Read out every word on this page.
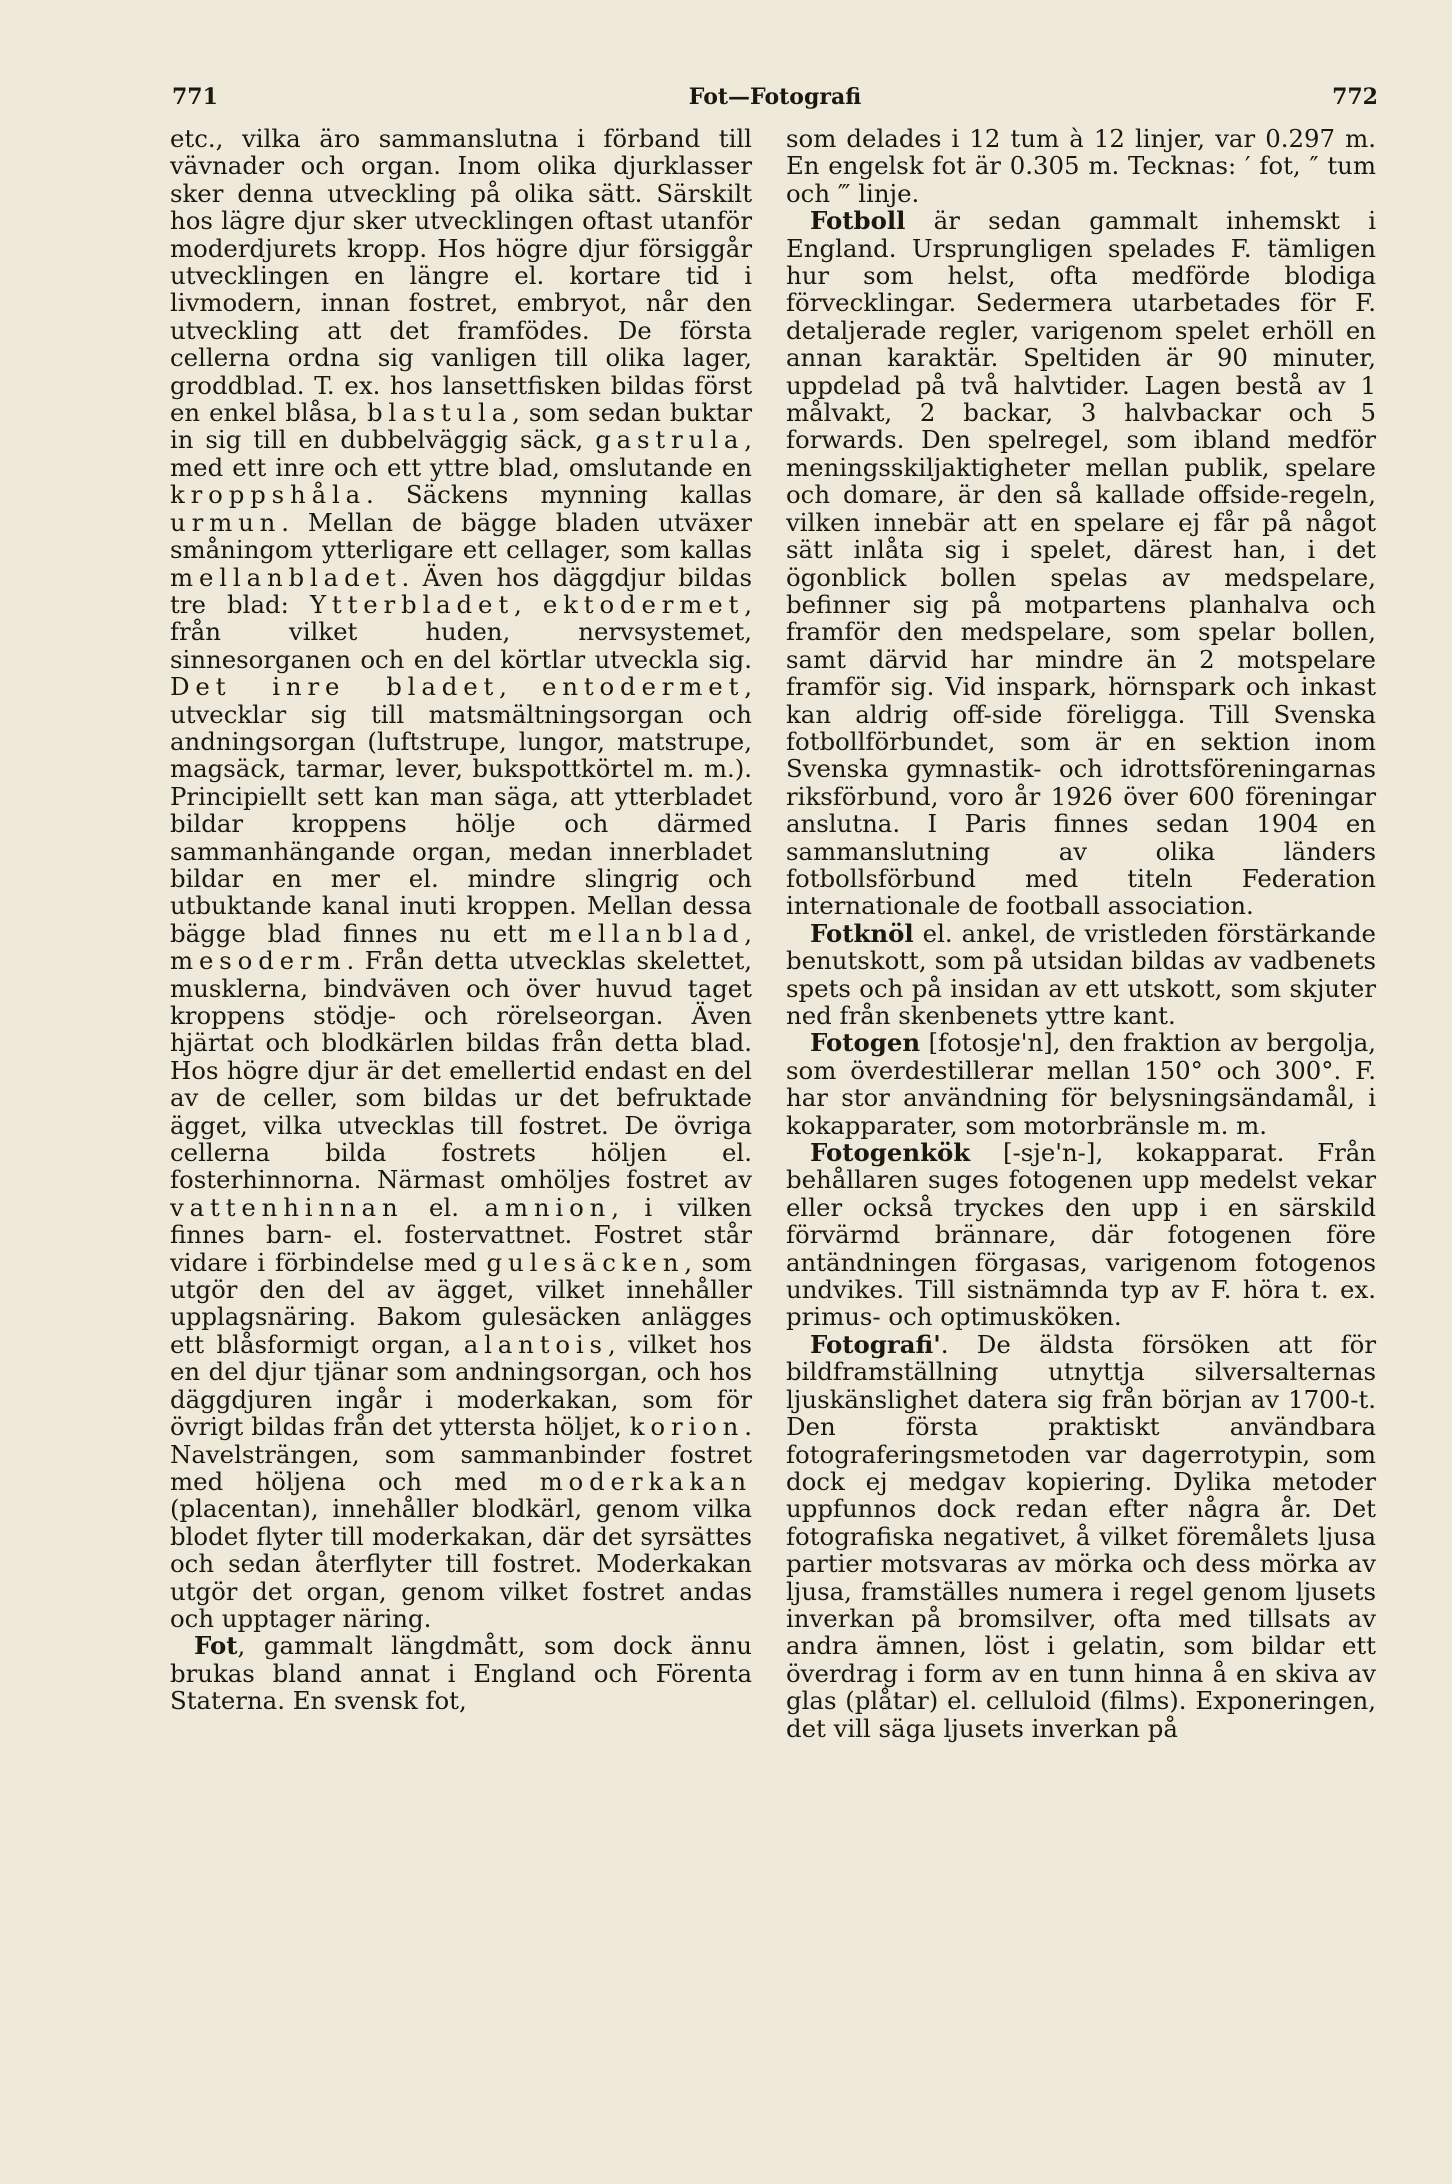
771	Fot—Fotografi	772

etc., vilka äro sammanslutna i förband till vävnader och organ. Inom olika djurklasser sker denna utveckling på olika sätt. Särskilt hos lägre djur sker utvecklingen oftast utanför moderdjurets kropp. Hos högre djur försiggår utvecklingen en längre el. kortare tid i livmodern, innan fostret, embryot, når den utveckling att det framfödes. De första cellerna ordna sig vanligen till olika lager, groddblad. T. ex. hos lansettfisken bildas först en enkel blåsa, blastula, som sedan buktar in sig till en dubbelväggig säck, gastrula, med ett inre och ett yttre blad, omslutande en kroppshåla. Säckens mynning kallas urmun. Mellan de bägge bladen utväxer småningom ytterligare ett cellager, som kallas mellanbladet. Även hos däggdjur bildas tre blad: Ytterbladet, ektodermet, från vilket huden, nervsystemet, sinnesorganen och en del körtlar utveckla sig. Det inre bladet, entodermet, utvecklar sig till matsmältningsorgan och andningsorgan (luftstrupe, lungor, matstrupe, magsäck, tarmar, lever, bukspottkörtel m. m.). Principiellt sett kan man säga, att ytterbladet bildar kroppens hölje och därmed sammanhängande organ, medan innerbladet bildar en mer el. mindre slingrig och utbuktande kanal inuti kroppen. Mellan dessa bägge blad finnes nu ett mellanblad, mesoderm. Från detta utvecklas skelettet, musklerna, bindväven och över huvud taget kroppens stödje- och rörelseorgan. Även hjärtat och blodkärlen bildas från detta blad. Hos högre djur är det emellertid endast en del av de celler, som bildas ur det befruktade ägget, vilka utvecklas till fostret. De övriga cellerna bilda fostrets höljen el. fosterhinnorna. Närmast omhöljes fostret av vattenhinnan el. amnion, i vilken finnes barn- el. fostervattnet. Fostret står vidare i förbindelse med gulesäcken, som utgör den del av ägget, vilket innehåller upplagsnäring. Bakom gulesäcken anlägges ett blåsformigt organ, alantois, vilket hos en del djur tjänar som andningsorgan, och hos däggdjuren ingår i moderkakan, som för övrigt bildas från det yttersta höljet, korion. Navelsträngen, som sammanbinder fostret med höljena och med moderkakan (placentan), innehåller blodkärl, genom vilka blodet flyter till moderkakan, där det syrsättes och sedan återflyter till fostret. Moderkakan utgör det organ, genom vilket fostret andas och upptager näring.

Fot, gammalt längdmått, som dock ännu brukas bland annat i England och Förenta Staterna. En svensk fot,

som delades i 12 tum à 12 linjer, var 0.297 m. En engelsk fot är 0.305 m. Tecknas: ′ fot, ″ tum och ‴ linje.

Fotboll är sedan gammalt inhemskt i England. Ursprungligen spelades F. tämligen hur som helst, ofta medförde blodiga förvecklingar. Sedermera utarbetades för F. detaljerade regler, varigenom spelet erhöll en annan karaktär. Speltiden är 90 minuter, uppdelad på två halvtider. Lagen bestå av 1 målvakt, 2 backar, 3 halvbackar och 5 forwards. Den spelregel, som ibland medför meningsskiljaktigheter mellan publik, spelare och domare, är den så kallade offside-regeln, vilken innebär att en spelare ej får på något sätt inlåta sig i spelet, därest han, i det ögonblick bollen spelas av medspelare, befinner sig på motpartens planhalva och framför den medspelare, som spelar bollen, samt därvid har mindre än 2 motspelare framför sig. Vid inspark, hörnspark och inkast kan aldrig off-side föreligga. Till Svenska fotbollförbundet, som är en sektion inom Svenska gymnastik- och idrottsföreningarnas riksförbund, voro år 1926 över 600 föreningar anslutna. I Paris finnes sedan 1904 en sammanslutning av olika länders fotbollsförbund med titeln Federation internationale de football association.

Fotknöl el. ankel, de vristleden förstärkande benutskott, som på utsidan bildas av vadbenets spets och på insidan av ett utskott, som skjuter ned från skenbenets yttre kant.

Fotogen [fotosje'n], den fraktion av bergolja, som överdestillerar mellan 150° och 300°. F. har stor användning för belysningsändamål, i kokapparater, som motorbränsle m. m.

Fotogenkök [-sje'n-], kokapparat. Från behållaren suges fotogenen upp medelst vekar eller också tryckes den upp i en särskild förvärmd brännare, där fotogenen före antändningen förgasas, varigenom fotogenos undvikes. Till sistnämnda typ av F. höra t. ex. primus- och optimusköken.

Fotografi'. De äldsta försöken att för bildframställning utnyttja silversalternas ljuskänslighet datera sig från början av 1700-t. Den första praktiskt användbara fotograferingsmetoden var dagerrotypin, som dock ej medgav kopiering. Dylika metoder uppfunnos dock redan efter några år. Det fotografiska negativet, å vilket föremålets ljusa partier motsvaras av mörka och dess mörka av ljusa, framställes numera i regel genom ljusets inverkan på bromsilver, ofta med tillsats av andra ämnen, löst i gelatin, som bildar ett överdrag i form av en tunn hinna å en skiva av glas (plåtar) el. celluloid (films). Exponeringen, det vill säga ljusets inverkan på
